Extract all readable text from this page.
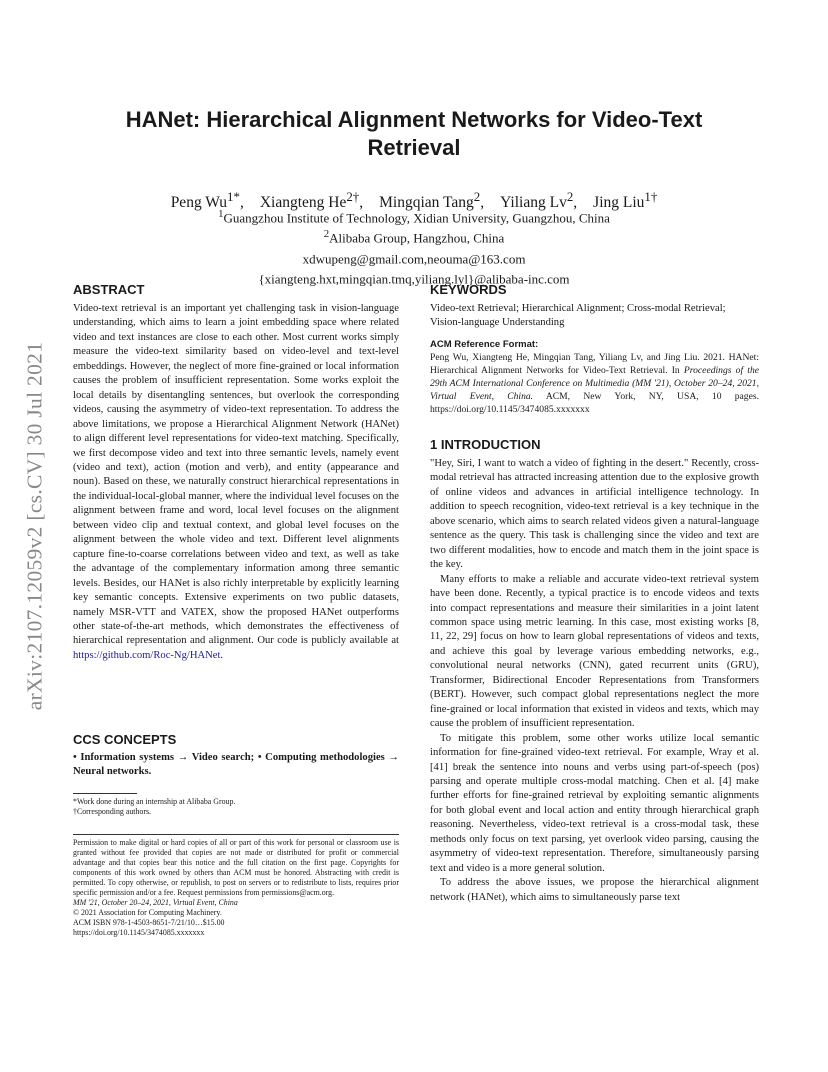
arXiv:2107.12059v2 [cs.CV] 30 Jul 2021
HANet: Hierarchical Alignment Networks for Video-Text Retrieval
Peng $Wu^{1*}$, Xiangteng $He^{2\dagger}$, Mingqian Tang$^2$, Yiliang Lv$^2$, Jing Liu$^{1\dagger}$
$^1$Guangzhou Institute of Technology, Xidian University, Guangzhou, China
$^2$Alibaba Group, Hangzhou, China
xdwupeng@gmail.com,neouma@163.com
{xiangteng.hxt,mingqian.tmq,yiliang.lyl}@alibaba-inc.com
ABSTRACT

Video-text retrieval is an important yet challenging task in vision-language understanding, which aims to learn a joint embedding space where related video and text instances are close to each other. Most current works simply measure the video-text similarity based on video-level and text-level embeddings. However, the neglect of more fine-grained or local information causes the problem of insufficient representation. Some works exploit the local details by disentangling sentences, but overlook the corresponding videos, causing the asymmetry of video-text representation. To address the above limitations, we propose a Hierarchical Alignment Network (HANet) to align different level representations for video-text matching. Specifically, we first decompose video and text into three semantic levels, namely event (video and text), action (motion and verb), and entity (appearance and noun). Based on these, we naturally construct hierarchical representations in the individual-local-global manner, where the individual level focuses on the alignment between frame and word, local level focuses on the alignment between video clip and textual context, and global level focuses on the alignment between the whole video and text. Different level alignments capture fine-to-coarse correlations between video and text, as well as take the advantage of the complementary information among three semantic levels. Besides, our HANet is also richly interpretable by explicitly learning key semantic concepts. Extensive experiments on two public datasets, namely MSR-VTT and VATEX, show the proposed HANet outperforms other state-of-the-art methods, which demonstrates the effectiveness of hierarchical representation and alignment. Our code is publicly available at https://github.com/Roc-Ng/HANet.

CCS CONCEPTS

• Information systems → Video search; • Computing methodologies → Neural networks.

*Work done during an internship at Alibaba Group.
†Corresponding authors.
Permission to make digital or hard copies of all or part of this work for personal or classroom use is granted without fee provided that copies are not made or distributed for profit or commercial advantage and that copies bear this notice and the full citation on the first page. Copyrights for components of this work owned by others than ACM must be honored. Abstracting with credit is permitted. To copy otherwise, or republish, to post on servers or to redistribute to lists, requires prior specific permission and/or a fee. Request permissions from permissions@acm.org.
MM '21, October 20–24, 2021, Virtual Event, China
© 2021 Association for Computing Machinery.
ACM ISBN 978-1-4503-8651-7/21/10…$15.00
https://doi.org/10.1145/3474085.xxxxxxx
KEYWORDS

Video-text Retrieval; Hierarchical Alignment; Cross-modal Retrieval; Vision-language Understanding

ACM Reference Format:

Peng Wu, Xiangteng He, Mingqian Tang, Yiliang Lv, and Jing Liu. 2021. HANet: Hierarchical Alignment Networks for Video-Text Retrieval. In Proceedings of the 29th ACM International Conference on Multimedia (MM '21), October 20–24, 2021, Virtual Event, China. ACM, New York, NY, USA, 10 pages. https://doi.org/10.1145/3474085.xxxxxxx

1 INTRODUCTION

"Hey, Siri, I want to watch a video of fighting in the desert." Recently, cross-modal retrieval has attracted increasing attention due to the explosive growth of online videos and advances in artificial intelligence technology. In addition to speech recognition, video-text retrieval is a key technique in the above scenario, which aims to search related videos given a natural-language sentence as the query. This task is challenging since the video and text are two different modalities, how to encode and match them in the joint space is the key.

Many efforts to make a reliable and accurate video-text retrieval system have been done. Recently, a typical practice is to encode videos and texts into compact representations and measure their similarities in a joint latent common space using metric learning. In this case, most existing works [8, 11, 22, 29] focus on how to learn global representations of videos and texts, and achieve this goal by leverage various embedding networks, e.g., convolutional neural networks (CNN), gated recurrent units (GRU), Transformer, Bidirectional Encoder Representations from Transformers (BERT). However, such compact global representations neglect the more fine-grained or local information that existed in videos and texts, which may cause the problem of insufficient representation.

To mitigate this problem, some other works utilize local semantic information for fine-grained video-text retrieval. For example, Wray et al. [41] break the sentence into nouns and verbs using part-of-speech (pos) parsing and operate multiple cross-modal matching. Chen et al. [4] make further efforts for fine-grained retrieval by exploiting semantic alignments for both global event and local action and entity through hierarchical graph reasoning. Nevertheless, video-text retrieval is a cross-modal task, these methods only focus on text parsing, yet overlook video parsing, causing the asymmetry of video-text representation. Therefore, simultaneously parsing text and video is a more general solution.

To address the above issues, we propose the hierarchical alignment network (HANet), which aims to simultaneously parse text
